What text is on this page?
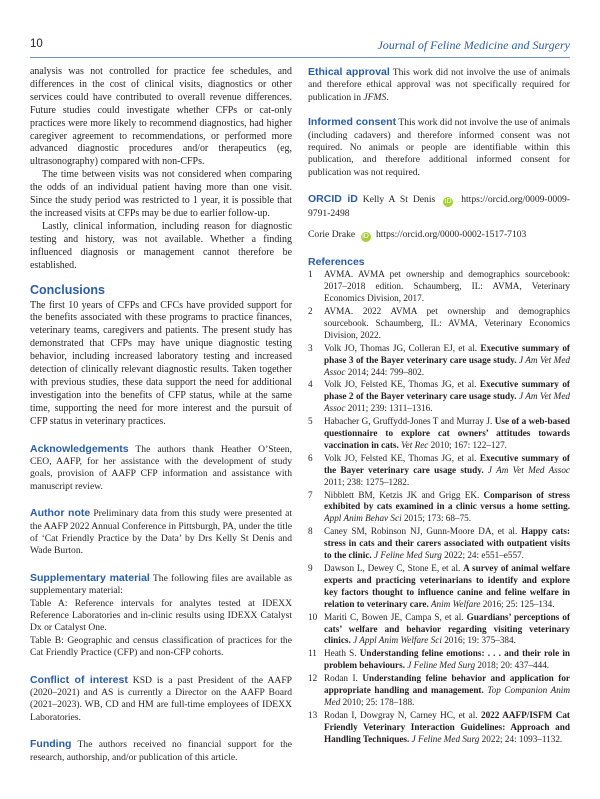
10	Journal of Feline Medicine and Surgery

analysis was not controlled for practice fee schedules, and differences in the cost of clinical visits, diagnostics or other services could have contributed to overall revenue differences. Future studies could investigate whether CFPs or cat-only practices were more likely to recommend diagnostics, had higher caregiver agreement to recommendations, or performed more advanced diagnostic procedures and/or therapeutics (eg, ultrasonography) compared with non-CFPs.

The time between visits was not considered when comparing the odds of an individual patient having more than one visit. Since the study period was restricted to 1 year, it is possible that the increased visits at CFPs may be due to earlier follow-up.

Lastly, clinical information, including reason for diagnostic testing and history, was not available. Whether a finding influenced diagnosis or management cannot therefore be established.

Conclusions

The first 10 years of CFPs and CFCs have provided support for the benefits associated with these programs to practice finances, veterinary teams, caregivers and patients. The present study has demonstrated that CFPs may have unique diagnostic testing behavior, including increased laboratory testing and increased detection of clinically relevant diagnostic results. Taken together with previous studies, these data support the need for additional investigation into the benefits of CFP status, while at the same time, supporting the need for more interest and the pursuit of CFP status in veterinary practices.

Acknowledgements The authors thank Heather O’Steen, CEO, AAFP, for her assistance with the development of study goals, provision of AAFP CFP information and assistance with manuscript review.
Author note Preliminary data from this study were presented at the AAFP 2022 Annual Conference in Pittsburgh, PA, under the title of ‘Cat Friendly Practice by the Data’ by Drs Kelly St Denis and Wade Burton.
Supplementary material The following files are available as supplementary material:
Table A: Reference intervals for analytes tested at IDEXX Reference Laboratories and in-clinic results using IDEXX Catalyst Dx or Catalyst One.
Table B: Geographic and census classification of practices for the Cat Friendly Practice (CFP) and non-CFP cohorts.
Conflict of interest KSD is a past President of the AAFP (2020–2021) and AS is currently a Director on the AAFP Board (2021–2023). WB, CD and HM are full-time employees of IDEXX Laboratories.
Funding The authors received no financial support for the research, authorship, and/or publication of this article.
Ethical approval This work did not involve the use of animals and therefore ethical approval was not specifically required for publication in JFMS.
Informed consent This work did not involve the use of animals (including cadavers) and therefore informed consent was not required. No animals or people are identifiable within this publication, and therefore additional informed consent for publication was not required.
ORCID iD Kelly A St Denis iD https://orcid.org/0009-0009-9791-2498
Corie Drake iD https://orcid.org/0000-0002-1517-7103
References
1	AVMA. AVMA pet ownership and demographics sourcebook: 2017–2018 edition. Schaumberg, IL: AVMA, Veterinary Economics Division, 2017.
2	AVMA. 2022 AVMA pet ownership and demographics sourcebook. Schaumberg, IL: AVMA, Veterinary Economics Division, 2022.
3	Volk JO, Thomas JG, Colleran EJ, et al. Executive summary of phase 3 of the Bayer veterinary care usage study. J Am Vet Med Assoc 2014; 244: 799–802.
4	Volk JO, Felsted KE, Thomas JG, et al. Executive summary of phase 2 of the Bayer veterinary care usage study. J Am Vet Med Assoc 2011; 239: 1311–1316.
5	Habacher G, Gruffydd-Jones T and Murray J. Use of a web-based questionnaire to explore cat owners’ attitudes towards vaccination in cats. Vet Rec 2010; 167: 122–127.
6	Volk JO, Felsted KE, Thomas JG, et al. Executive summary of the Bayer veterinary care usage study. J Am Vet Med Assoc 2011; 238: 1275–1282.
7	Nibblett BM, Ketzis JK and Grigg EK. Comparison of stress exhibited by cats examined in a clinic versus a home setting. Appl Anim Behav Sci 2015; 173: 68–75.
8	Caney SM, Robinson NJ, Gunn-Moore DA, et al. Happy cats: stress in cats and their carers associated with outpatient visits to the clinic. J Feline Med Surg 2022; 24: e551–e557.
9	Dawson L, Dewey C, Stone E, et al. A survey of animal welfare experts and practicing veterinarians to identify and explore key factors thought to influence canine and feline welfare in relation to veterinary care. Anim Welfare 2016; 25: 125–134.
10 Mariti C, Bowen JE, Campa S, et al. Guardians’ perceptions of cats’ welfare and behavior regarding visiting veterinary clinics. J Appl Anim Welfare Sci 2016; 19: 375–384.
11 Heath S. Understanding feline emotions: . . . and their role in problem behaviours. J Feline Med Surg 2018; 20: 437–444.
12 Rodan I. Understanding feline behavior and application for appropriate handling and management. Top Companion Anim Med 2010; 25: 178–188.
13 Rodan I, Dowgray N, Carney HC, et al. 2022 AAFP/ISFM Cat Friendly Veterinary Interaction Guidelines: Approach and Handling Techniques. J Feline Med Surg 2022; 24: 1093–1132.
